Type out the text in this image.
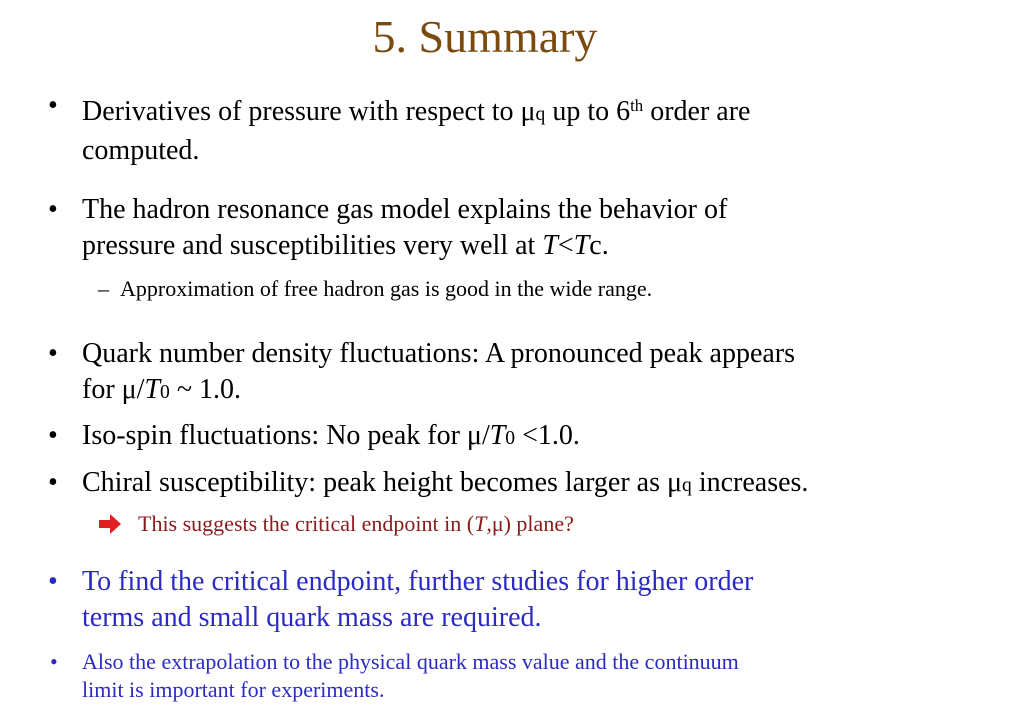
5. Summary
• Derivatives of pressure with respect to μq up to 6th order are
computed.
• The hadron resonance gas model explains the behavior of
pressure and susceptibilities very well at T<Tc.
– Approximation of free hadron gas is good in the wide range.
• Quark number density fluctuations: A pronounced peak appears
for μ/T0 ~ 1.0.
• Iso-spin fluctuations: No peak for μ/T0 <1.0.
• Chiral susceptibility: peak height becomes larger as μq increases.
This suggests the critical endpoint in (T,μ) plane?
• To find the critical endpoint, further studies for higher order
terms and small quark mass are required.
• Also the extrapolation to the physical quark mass value and the continuum
limit is important for experiments.
